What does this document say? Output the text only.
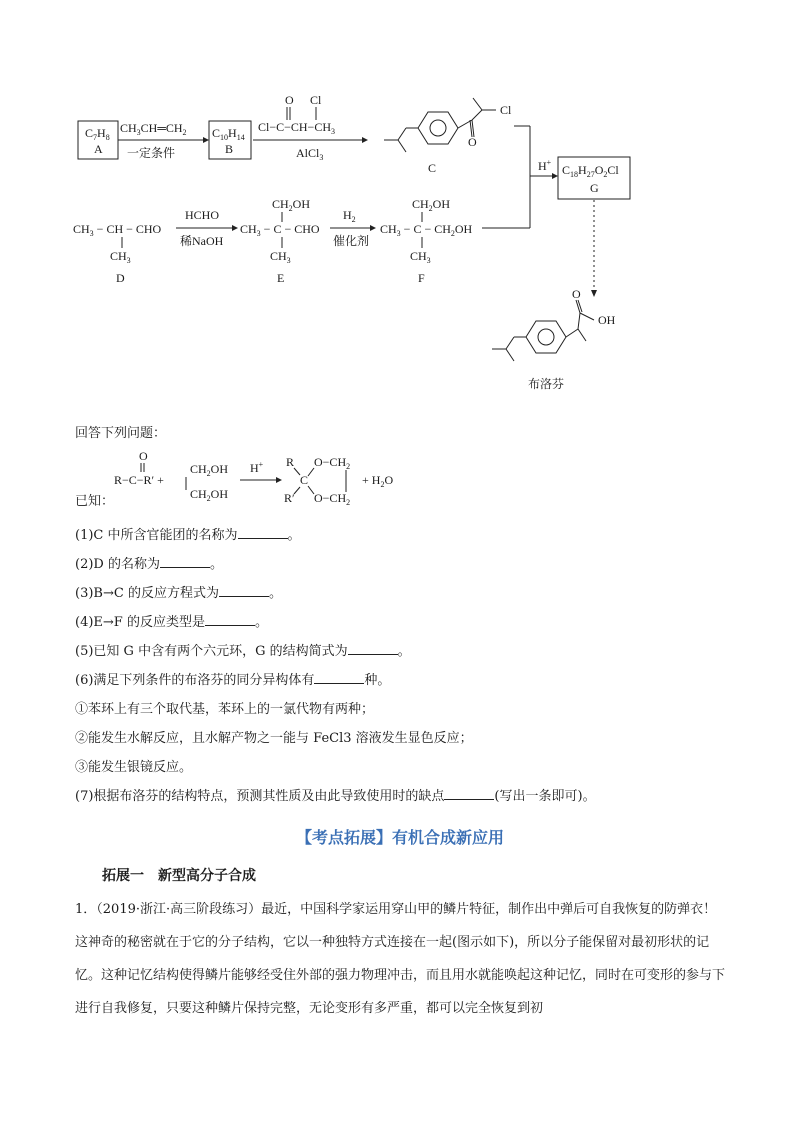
$C_7H_8$
A
$CH_3CH═CH_2$
一定条件
$C_{10}H_{14}$
B
O Cl
$Cl-C-CH-CH_3$
AlCl$_3$
Cl
O
C	H+
$C_{18}H_{27}O_2Cl$
G
$CH_3$ − CH − CHO
$CH_3$
D
HCHO
稀NaOH
$CH_2OH$
$CH_3 - C$ − CHO
$CH_3$
E
$H_2$
催化剂
$CH_2OH$
$CH_3 - C - CH_2OH$
$CH_3$
F
O
OH
布洛芬
回答下列问题：
O
R−C−R′ +
$CH_2OH$
$CH_2OH$
H+ R
C
R′
$O-CH_2$
$O-CH_2$
+ $H_2O$
已知：
(1)C 中所含官能团的名称为	。
(2)D 的名称为	。
(3)B→C 的反应方程式为	。
(4)E→F 的反应类型是	。
(5)已知 G 中含有两个六元环，G 的结构简式为	。
(6)满足下列条件的布洛芬的同分异构体有	种。
①苯环上有三个取代基，苯环上的一氯代物有两种；
②能发生水解反应，且水解产物之一能与 FeCl3 溶液发生显色反应；
③能发生银镜反应。
(7)根据布洛芬的结构特点，预测其性质及由此导致使用时的缺点	(写出一条即可)。
【考点拓展】有机合成新应用
拓展一　新型高分子合成
1．（2019·浙江·高三阶段练习）最近，中国科学家运用穿山甲的鳞片特征，制作出中弹后可自我恢复的防弹衣！这神奇的秘密就在于它的分子结构，它以一种独特方式连接在一起(图示如下)，所以分子能保留对最初形状的记忆。这种记忆结构使得鳞片能够经受住外部的强力物理冲击，而且用水就能唤起这种记忆，同时在可变形的参与下进行自我修复，只要这种鳞片保持完整，无论变形有多严重，都可以完全恢复到初
